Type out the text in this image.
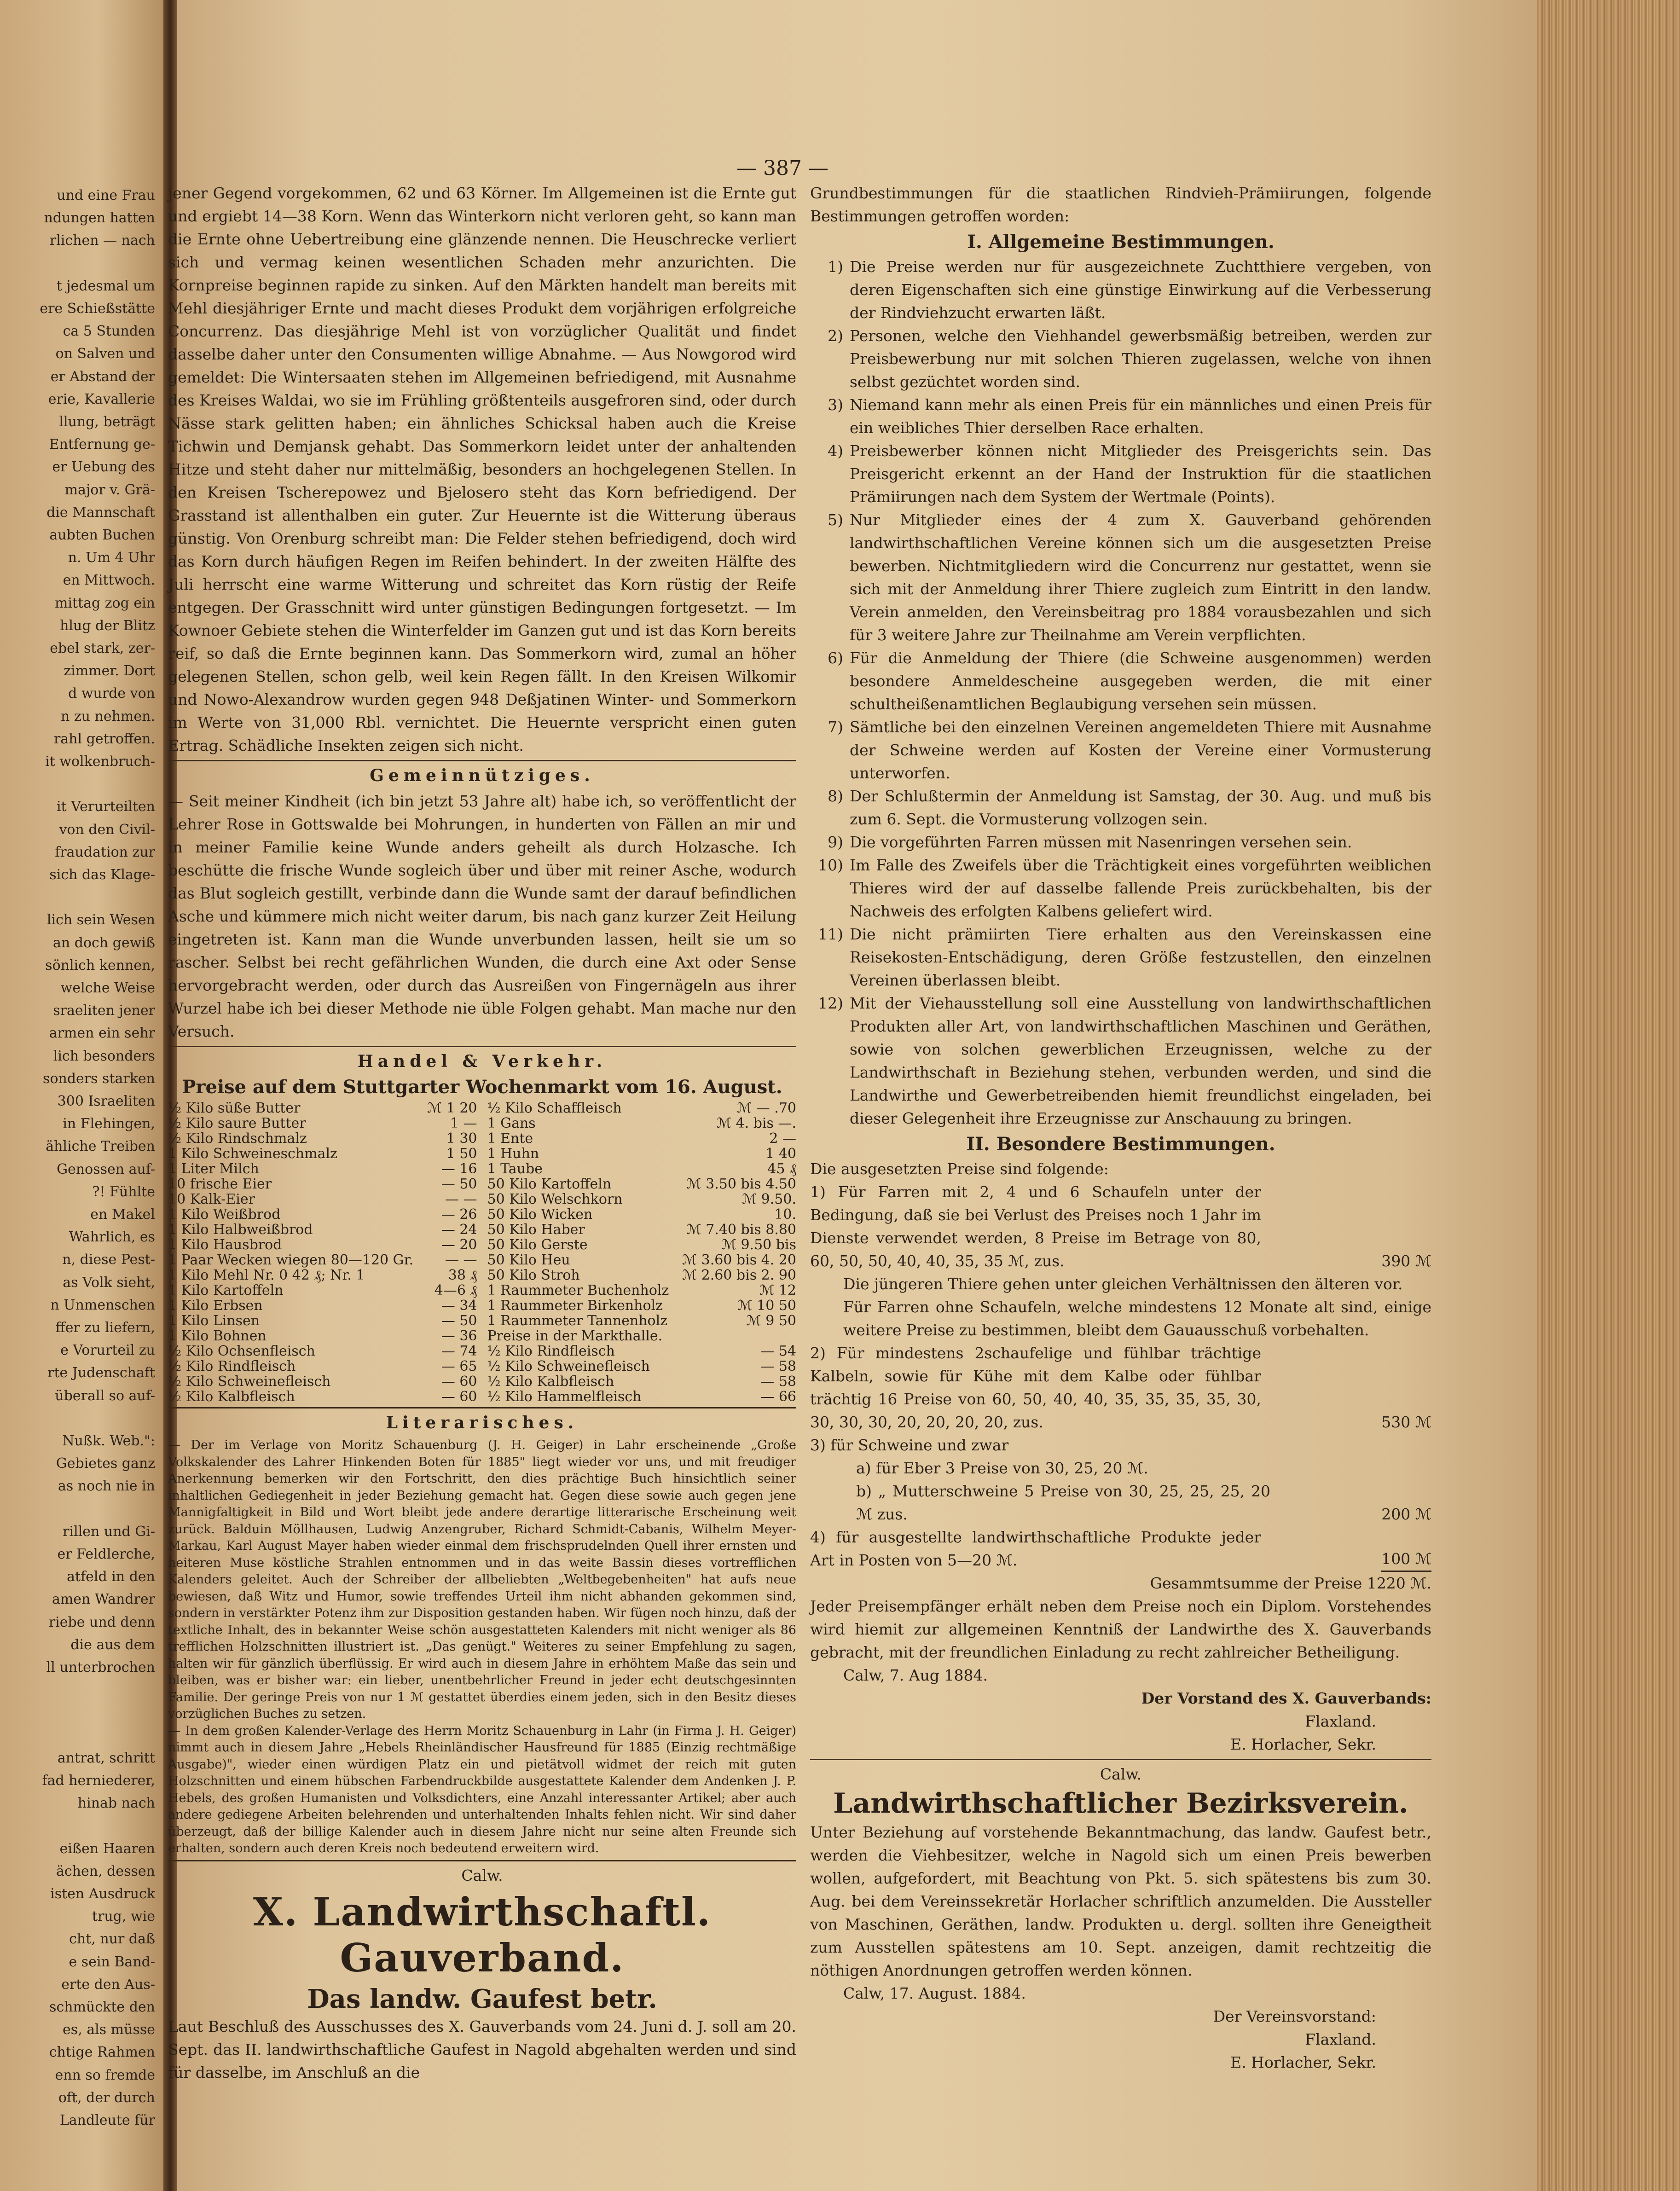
und eine Frau
ndungen hatten
rlichen — nach
t jedesmal um
ere Schießstätte
ca 5 Stunden
on Salven und
er Abstand der
erie, Kavallerie
llung, beträgt
Entfernung ge-
er Uebung des
major v. Grä-
die Mannschaft
aubten Buchen
n. Um 4 Uhr
en Mittwoch.
mittag zog ein
hlug der Blitz
ebel stark, zer-
zimmer. Dort
d wurde von
n zu nehmen.
rahl getroffen.
it wolkenbruch-
it Verurteilten
von den Civil-
fraudation zur
sich das Klage-
lich sein Wesen
an doch gewiß
sönlich kennen,
welche Weise
sraeliten jener
armen ein sehr
lich besonders
sonders starken
300 Israeliten
in Flehingen,
ähliche Treiben
Genossen auf-
?! Fühlte
en Makel
Wahrlich, es
n, diese Pest-
as Volk sieht,
n Unmenschen
ffer zu liefern,
e Vorurteil zu
rte Judenschaft
überall so auf-
Nußk. Web.":
Gebietes ganz
as noch nie in
rillen und Gi-
er Feldlerche,
atfeld in den
amen Wandrer
riebe und denn
die aus dem
ll unterbrochen
antrat, schritt
fad herniederer,
hinab nach
eißen Haaren
ächen, dessen
isten Ausdruck
trug, wie
cht, nur daß
e sein Band-
erte den Aus-
schmückte den
es, als müsse
chtige Rahmen
enn so fremde
oft, der durch
Landleute für
— 387 —

jener Gegend vorgekommen, 62 und 63 Körner. Im Allgemeinen ist die Ernte gut und ergiebt 14—38 Korn. Wenn das Winterkorn nicht verloren geht, so kann man die Ernte ohne Uebertreibung eine glänzende nennen. Die Heuschrecke verliert sich und vermag keinen wesentlichen Schaden mehr anzurichten. Die Kornpreise beginnen rapide zu sinken. Auf den Märkten handelt man bereits mit Mehl diesjähriger Ernte und macht dieses Produkt dem vorjährigen erfolgreiche Concurrenz. Das diesjährige Mehl ist von vorzüglicher Qualität und findet dasselbe daher unter den Consumenten willige Abnahme. — Aus Nowgorod wird gemeldet: Die Wintersaaten stehen im Allgemeinen befriedigend, mit Ausnahme des Kreises Waldai, wo sie im Frühling größtenteils ausgefroren sind, oder durch Nässe stark gelitten haben; ein ähnliches Schicksal haben auch die Kreise Tichwin und Demjansk gehabt. Das Sommerkorn leidet unter der anhaltenden Hitze und steht daher nur mittelmäßig, besonders an hochgelegenen Stellen. In den Kreisen Tscherepowez und Bjelosero steht das Korn befriedigend. Der Grasstand ist allenthalben ein guter. Zur Heuernte ist die Witterung überaus günstig. Von Orenburg schreibt man: Die Felder stehen befriedigend, doch wird das Korn durch häufigen Regen im Reifen behindert. In der zweiten Hälfte des Juli herrscht eine warme Witterung und schreitet das Korn rüstig der Reife entgegen. Der Grasschnitt wird unter günstigen Bedingungen fortgesetzt. — Im Kownoer Gebiete stehen die Winterfelder im Ganzen gut und ist das Korn bereits reif, so daß die Ernte beginnen kann. Das Sommerkorn wird, zumal an höher gelegenen Stellen, schon gelb, weil kein Regen fällt. In den Kreisen Wilkomir und Nowo-Alexandrow wurden gegen 948 Deßjatinen Winter- und Sommerkorn im Werte von 31,000 Rbl. vernichtet. Die Heuernte verspricht einen guten Ertrag. Schädliche Insekten zeigen sich nicht.

Gemeinnütziges.

— Seit meiner Kindheit (ich bin jetzt 53 Jahre alt) habe ich, so veröffentlicht der Lehrer Rose in Gottswalde bei Mohrungen, in hunderten von Fällen an mir und in meiner Familie keine Wunde anders geheilt als durch Holzasche. Ich beschütte die frische Wunde sogleich über und über mit reiner Asche, wodurch das Blut sogleich gestillt, verbinde dann die Wunde samt der darauf befindlichen Asche und kümmere mich nicht weiter darum, bis nach ganz kurzer Zeit Heilung eingetreten ist. Kann man die Wunde unverbunden lassen, heilt sie um so rascher. Selbst bei recht gefährlichen Wunden, die durch eine Axt oder Sense hervorgebracht werden, oder durch das Ausreißen von Fingernägeln aus ihrer Wurzel habe ich bei dieser Methode nie üble Folgen gehabt. Man mache nur den Versuch.

Handel & Verkehr.
Preise auf dem Stuttgarter Wochenmarkt vom 16. August.
½ Kilo süße Butter	ℳ 1 20
½ Kilo saure Butter	1 —
½ Kilo Rindschmalz	1 30
1 Kilo Schweineschmalz	1 50
1 Liter Milch	— 16
10 frische Eier	— 50
10 Kalk-Eier	— —
1 Kilo Weißbrod	— 26
1 Kilo Halbweißbrod	— 24
1 Kilo Hausbrod	— 20
1 Paar Wecken wiegen 80—120 Gr. — —
1 Kilo Mehl Nr. 0 42 ₰; Nr. 1	38 ₰
1 Kilo Kartoffeln	4—6 ₰
1 Kilo Erbsen	— 34
1 Kilo Linsen	— 50
1 Kilo Bohnen	— 36
½ Kilo Ochsenfleisch	— 74
½ Kilo Rindfleisch	— 65
½ Kilo Schweinefleisch	— 60
½ Kilo Kalbfleisch	— 60
½ Kilo Schaffleisch	ℳ — .70
1 Gans	ℳ 4. bis —.
1 Ente	2 —
1 Huhn	1 40
1 Taube	45 ₰
50 Kilo Kartoffeln	ℳ 3.50 bis 4.50
50 Kilo Welschkorn	ℳ 9.50.
50 Kilo Wicken	10.
50 Kilo Haber	ℳ 7.40 bis 8.80
50 Kilo Gerste	ℳ 9.50 bis
50 Kilo Heu	ℳ 3.60 bis 4. 20
50 Kilo Stroh	ℳ 2.60 bis 2. 90
1 Raummeter Buchenholz	ℳ 12
1 Raummeter Birkenholz	ℳ 10 50
1 Raummeter Tannenholz	ℳ 9 50
Preise in der Markthalle.
½ Kilo Rindfleisch	— 54
½ Kilo Schweinefleisch	— 58
½ Kilo Kalbfleisch	— 58
½ Kilo Hammelfleisch	— 66
Literarisches.

— Der im Verlage von Moritz Schauenburg (J. H. Geiger) in Lahr erscheinende „Große Volkskalender des Lahrer Hinkenden Boten für 1885" liegt wieder vor uns, und mit freudiger Anerkennung bemerken wir den Fortschritt, den dies prächtige Buch hinsichtlich seiner inhaltlichen Gediegenheit in jeder Beziehung gemacht hat. Gegen diese sowie auch gegen jene Mannigfaltigkeit in Bild und Wort bleibt jede andere derartige litterarische Erscheinung weit zurück. Balduin Möllhausen, Ludwig Anzengruber, Richard Schmidt-Cabanis, Wilhelm Meyer-Markau, Karl August Mayer haben wieder einmal dem frischsprudelnden Quell ihrer ernsten und heiteren Muse köstliche Strahlen entnommen und in das weite Bassin dieses vortrefflichen Kalenders geleitet. Auch der Schreiber der allbeliebten „Weltbegebenheiten" hat aufs neue bewiesen, daß Witz und Humor, sowie treffendes Urteil ihm nicht abhanden gekommen sind, sondern in verstärkter Potenz ihm zur Disposition gestanden haben. Wir fügen noch hinzu, daß der textliche Inhalt, des in bekannter Weise schön ausgestatteten Kalenders mit nicht weniger als 86 trefflichen Holzschnitten illustriert ist. „Das genügt." Weiteres zu seiner Empfehlung zu sagen, halten wir für gänzlich überflüssig. Er wird auch in diesem Jahre in erhöhtem Maße das sein und bleiben, was er bisher war: ein lieber, unentbehrlicher Freund in jeder echt deutschgesinnten Familie. Der geringe Preis von nur 1 ℳ gestattet überdies einem jeden, sich in den Besitz dieses vorzüglichen Buches zu setzen.

— In dem großen Kalender-Verlage des Herrn Moritz Schauenburg in Lahr (in Firma J. H. Geiger) nimmt auch in diesem Jahre „Hebels Rheinländischer Hausfreund für 1885 (Einzig rechtmäßige Ausgabe)", wieder einen würdigen Platz ein und pietätvoll widmet der reich mit guten Holzschnitten und einem hübschen Farbendruckbilde ausgestattete Kalender dem Andenken J. P. Hebels, des großen Humanisten und Volksdichters, eine Anzahl interessanter Artikel; aber auch andere gediegene Arbeiten belehrenden und unterhaltenden Inhalts fehlen nicht. Wir sind daher überzeugt, daß der billige Kalender auch in diesem Jahre nicht nur seine alten Freunde sich erhalten, sondern auch deren Kreis noch bedeutend erweitern wird.

Calw.
X. Landwirthschaftl. Gauverband.
Das landw. Gaufest betr.

Laut Beschluß des Ausschusses des X. Gauverbands vom 24. Juni d. J. soll am 20. Sept. das II. landwirthschaftliche Gaufest in Nagold abgehalten werden und sind für dasselbe, im Anschluß an die

Grundbestimmungen für die staatlichen Rindvieh-Prämiirungen, folgende Bestimmungen getroffen worden:

I. Allgemeine Bestimmungen.
1) Die Preise werden nur für ausgezeichnete Zuchtthiere vergeben, von deren Eigenschaften sich eine günstige Einwirkung auf die Verbesserung der Rindviehzucht erwarten läßt.
2) Personen, welche den Viehhandel gewerbsmäßig betreiben, werden zur Preisbewerbung nur mit solchen Thieren zugelassen, welche von ihnen selbst gezüchtet worden sind.
3) Niemand kann mehr als einen Preis für ein männliches und einen Preis für ein weibliches Thier derselben Race erhalten.
4) Preisbewerber können nicht Mitglieder des Preisgerichts sein. Das Preisgericht erkennt an der Hand der Instruktion für die staatlichen Prämiirungen nach dem System der Wertmale (Points).
5) Nur Mitglieder eines der 4 zum X. Gauverband gehörenden landwirthschaftlichen Vereine können sich um die ausgesetzten Preise bewerben. Nichtmitgliedern wird die Concurrenz nur gestattet, wenn sie sich mit der Anmeldung ihrer Thiere zugleich zum Eintritt in den landw. Verein anmelden, den Vereinsbeitrag pro 1884 vorausbezahlen und sich für 3 weitere Jahre zur Theilnahme am Verein verpflichten.
6) Für die Anmeldung der Thiere (die Schweine ausgenommen) werden besondere Anmeldescheine ausgegeben werden, die mit einer schultheißenamtlichen Beglaubigung versehen sein müssen.
7) Sämtliche bei den einzelnen Vereinen angemeldeten Thiere mit Ausnahme der Schweine werden auf Kosten der Vereine einer Vormusterung unterworfen.
8) Der Schlußtermin der Anmeldung ist Samstag, der 30. Aug. und muß bis zum 6. Sept. die Vormusterung vollzogen sein.
9) Die vorgeführten Farren müssen mit Nasenringen versehen sein.
10) Im Falle des Zweifels über die Trächtigkeit eines vorgeführten weiblichen Thieres wird der auf dasselbe fallende Preis zurückbehalten, bis der Nachweis des erfolgten Kalbens geliefert wird.
11) Die nicht prämiirten Tiere erhalten aus den Vereinskassen eine Reisekosten-Entschädigung, deren Größe festzustellen, den einzelnen Vereinen überlassen bleibt.
12) Mit der Viehausstellung soll eine Ausstellung von landwirthschaftlichen Produkten aller Art, von landwirthschaftlichen Maschinen und Geräthen, sowie von solchen gewerblichen Erzeugnissen, welche zu der Landwirthschaft in Beziehung stehen, verbunden werden, und sind die Landwirthe und Gewerbetreibenden hiemit freundlichst eingeladen, bei dieser Gelegenheit ihre Erzeugnisse zur Anschauung zu bringen.
II. Besondere Bestimmungen.

Die ausgesetzten Preise sind folgende:

1) Für Farren mit 2, 4 und 6 Schaufeln unter der Bedingung, daß sie bei Verlust des Preises noch 1 Jahr im Dienste verwendet werden, 8 Preise im Betrage von 80, 60, 50, 50, 40, 40, 35, 35 ℳ, zus.	390 ℳ

Die jüngeren Thiere gehen unter gleichen Verhältnissen den älteren vor.

Für Farren ohne Schaufeln, welche mindestens 12 Monate alt sind, einige weitere Preise zu bestimmen, bleibt dem Gauausschuß vorbehalten.

2) Für mindestens 2schaufelige und fühlbar trächtige Kalbeln, sowie für Kühe mit dem Kalbe oder fühlbar trächtig 16 Preise von 60, 50, 40, 40, 35, 35, 35, 35, 30, 30, 30, 30, 20, 20, 20, 20, zus.	530 ℳ

3) für Schweine und zwar

a) für Eber 3 Preise von 30, 25, 20 ℳ.

b) „ Mutterschweine 5 Preise von 30, 25, 25, 25, 20 ℳ zus.	200 ℳ
4) für ausgestellte landwirthschaftliche Produkte jeder Art in Posten von 5—20 ℳ.	100 ℳ

Gesammtsumme der Preise 1220 ℳ.

Jeder Preisempfänger erhält neben dem Preise noch ein Diplom. Vorstehendes wird hiemit zur allgemeinen Kenntniß der Landwirthe des X. Gauverbands gebracht, mit der freundlichen Einladung zu recht zahlreicher Betheiligung.

Calw, 7. Aug 1884.

Der Vorstand des X. Gauverbands:

Flaxland.

E. Horlacher, Sekr.

Calw.
Landwirthschaftlicher Bezirksverein.

Unter Beziehung auf vorstehende Bekanntmachung, das landw. Gaufest betr., werden die Viehbesitzer, welche in Nagold sich um einen Preis bewerben wollen, aufgefordert, mit Beachtung von Pkt. 5. sich spätestens bis zum 30. Aug. bei dem Vereinssekretär Horlacher schriftlich anzumelden. Die Aussteller von Maschinen, Geräthen, landw. Produkten u. dergl. sollten ihre Geneigtheit zum Ausstellen spätestens am 10. Sept. anzeigen, damit rechtzeitig die nöthigen Anordnungen getroffen werden können.

Calw, 17. August. 1884.

Der Vereinsvorstand:

Flaxland.

E. Horlacher, Sekr.
